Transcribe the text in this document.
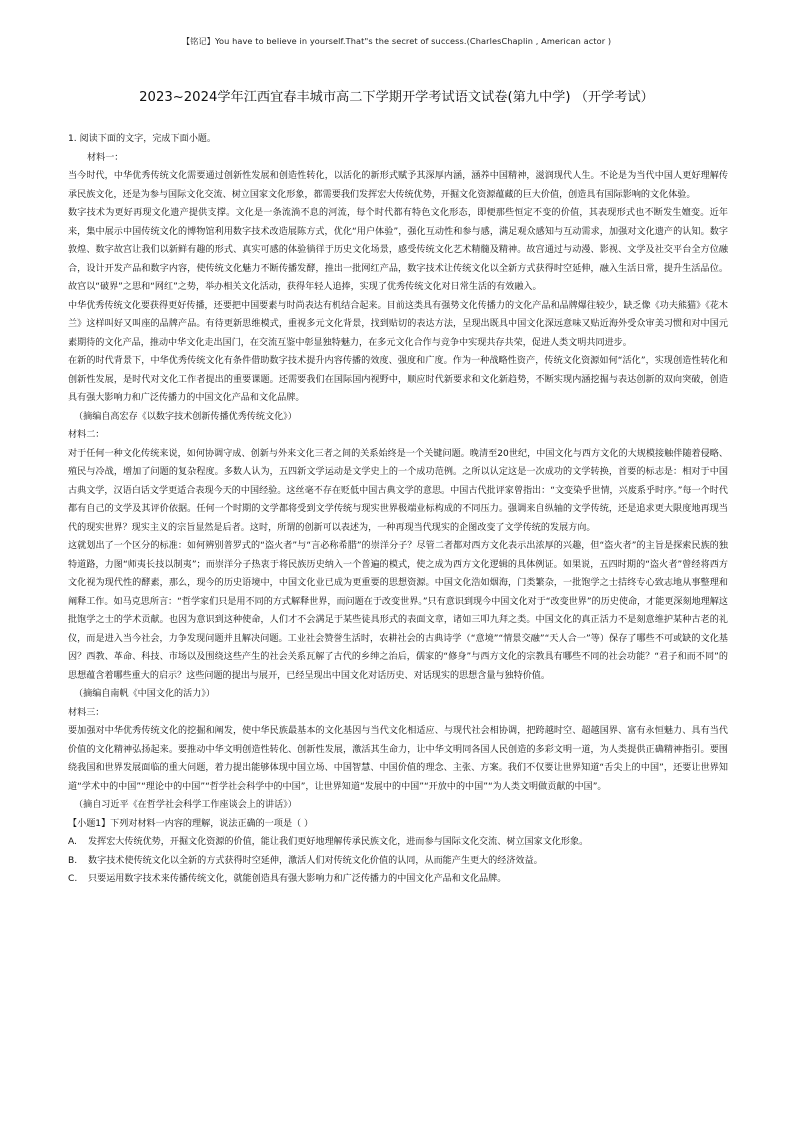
【铭记】You have to believe in yourself.That"s the secret of success.(CharlesChaplin , American actor )
2023~2024学年江西宜春丰城市高二下学期开学考试语文试卷(第九中学) （开学考试）

1. 阅读下面的文字，完成下面小题。

材料一：

当今时代，中华优秀传统文化需要通过创新性发展和创造性转化，以活化的新形式赋予其深厚内涵，涵养中国精神，滋润现代人生。不论是为当代中国人更好理解传承民族文化，还是为参与国际文化交流、树立国家文化形象，都需要我们发挥宏大传统优势，开掘文化资源蕴藏的巨大价值，创造具有国际影响的文化体验。

数字技术为更好再现文化遗产提供支撑。文化是一条流淌不息的河流，每个时代都有特色文化形态，即便那些恒定不变的价值，其表现形式也不断发生嬗变。近年来，集中展示中国传统文化的博物馆利用数字技术改造展陈方式，优化“用户体验”，强化互动性和参与感，满足观众感知与互动需求，加强对文化遗产的认知。数字敦煌、数字故宫让我们以新鲜有趣的形式、真实可感的体验徜徉于历史文化场景，感受传统文化艺术精髓及精神。故宫通过与动漫、影视、文学及社交平台全方位融合，设计开发产品和数字内容，使传统文化魅力不断传播发酵，推出一批网红产品，数字技术让传统文化以全新方式获得时空延伸，融入生活日常，提升生活品位。故宫以“破界”之思和“网红”之势，举办相关文化活动，获得年轻人追捧，实现了优秀传统文化对日常生活的有效融入。

中华优秀传统文化要获得更好传播，还要把中国要素与时尚表达有机结合起来。目前这类具有强势文化传播力的文化产品和品牌爆往较少，缺乏像《功夫熊猫》《花木兰》这样叫好又叫座的品牌产品。有待更新思维模式，重视多元文化背景，找到贴切的表达方法，呈现出既具中国文化深远意味又贴近海外受众审美习惯和对中国元素期待的文化产品，推动中华文化走出国门，在交流互鉴中彰显独特魅力，在多元文化合作与竞争中实现共存共荣，促进人类文明共同进步。

在新的时代背景下，中华优秀传统文化有条件借助数字技术提升内容传播的效度、强度和广度。作为一种战略性资产，传统文化资源如何“活化”，实现创造性转化和创新性发展，是时代对文化工作者提出的重要课题。还需要我们在国际国内视野中，顺应时代新要求和文化新趋势，不断实现内涵挖掘与表达创新的双向突破，创造具有强大影响力和广泛传播力的中国文化产品和文化品牌。

（摘编自高宏存《以数字技术创新传播优秀传统文化》）

材料二：

对于任何一种文化传统来说，如何协调守成、创新与外来文化三者之间的关系始终是一个关键问题。晚清至20世纪，中国文化与西方文化的大规模接触伴随着侵略、殖民与冷战，增加了问题的复杂程度。多数人认为，五四新文学运动是文学史上的一个成功范例。之所以认定这是一次成功的文学转换，首要的标志是：相对于中国古典文学，汉语白话文学更适合表现今天的中国经验。这丝毫不存在贬低中国古典文学的意思。中国古代批评家曾指出：“文变染乎世情，兴废系乎时序。”每一个时代都有自己的文学及其评价依据。任何一个时期的文学都将受到文学传统与现实世界极端业标构成的不同压力。强调来自纵轴的文学传统，还是追求更大限度地再现当代的现实世界？现实主义的宗旨显然是后者。这时，所谓的创新可以表述为，一种再现当代现实的企图改变了文学传统的发展方向。

这就划出了一个区分的标准：如何辨别普罗式的“盗火者”与“言必称希腊”的崇洋分子？尽管二者都对西方文化表示出浓厚的兴趣，但“盗火者”的主旨是探索民族的独特道路，力图“师夷长技以制夷”；而崇洋分子热衷于将民族历史纳入一个普遍的模式，使之成为西方文化逻辑的具体例证。如果说，五四时期的“盗火者”曾经将西方文化视为现代性的酵素，那么，现今的历史语境中，中国文化业已成为更重要的思想资源。中国文化浩如烟海，门类繁杂，一批饱学之士拮终专心致志地从事整理和阐释工作。如马克思所言：“哲学家们只是用不同的方式解释世界，而问题在于改变世界。”只有意识到现今中国文化对于“改变世界”的历史使命，才能更深刻地理解这批饱学之士的学术贡献。也因为意识到这种使命，人们才不会满足于某些徒具形式的表面文章，诸如三叩九拜之类。中国文化的真正活力不是刻意维护某种古老的礼仪，而是进入当今社会，力争发现问题并且解决问题。工业社会赞誉生活时，农耕社会的古典诗学（“意境”“情景交融”“天人合一”等）保存了哪些不可或缺的文化基因？西教、革命、科技、市场以及围绕这些产生的社会关系瓦解了古代的乡绅之治后，儒家的“修身”与西方文化的宗教具有哪些不同的社会功能？“君子和而不同”的思想蕴含着哪些重大的启示？这些问题的提出与展开，已经呈现出中国文化对话历史、对话现实的思想含量与独特价值。

（摘编自南帆《中国文化的活力》）

材料三：

要加强对中华优秀传统文化的挖掘和阐发，使中华民族最基本的文化基因与当代文化相适应、与现代社会相协调，把跨越时空、超越国界、富有永恒魅力、具有当代价值的文化精神弘扬起来。要推动中华文明创造性转化、创新性发展，激活其生命力，让中华文明同各国人民创造的多彩文明一道，为人类提供正确精神指引。要围绕我国和世界发展面临的重大问题，着力提出能够体现中国立场、中国智慧、中国价值的理念、主张、方案。我们不仅要让世界知道“舌尖上的中国”，还要让世界知道“学术中的中国”“理论中的中国”“哲学社会科学中的中国”，让世界知道“发展中的中国”“开放中的中国”“为人类文明做贡献的中国”。

（摘自习近平《在哲学社会科学工作座谈会上的讲话》）

【小题1】下列对材料一内容的理解，说法正确的一项是（ ）

A.	发挥宏大传统优势，开掘文化资源的价值，能让我们更好地理解传承民族文化，进而参与国际文化交流、树立国家文化形象。
B.	数字技术使传统文化以全新的方式获得时空延伸，激活人们对传统文化价值的认同，从而能产生更大的经济效益。
C.	只要运用数字技术来传播传统文化，就能创造具有强大影响力和广泛传播力的中国文化产品和文化品牌。
